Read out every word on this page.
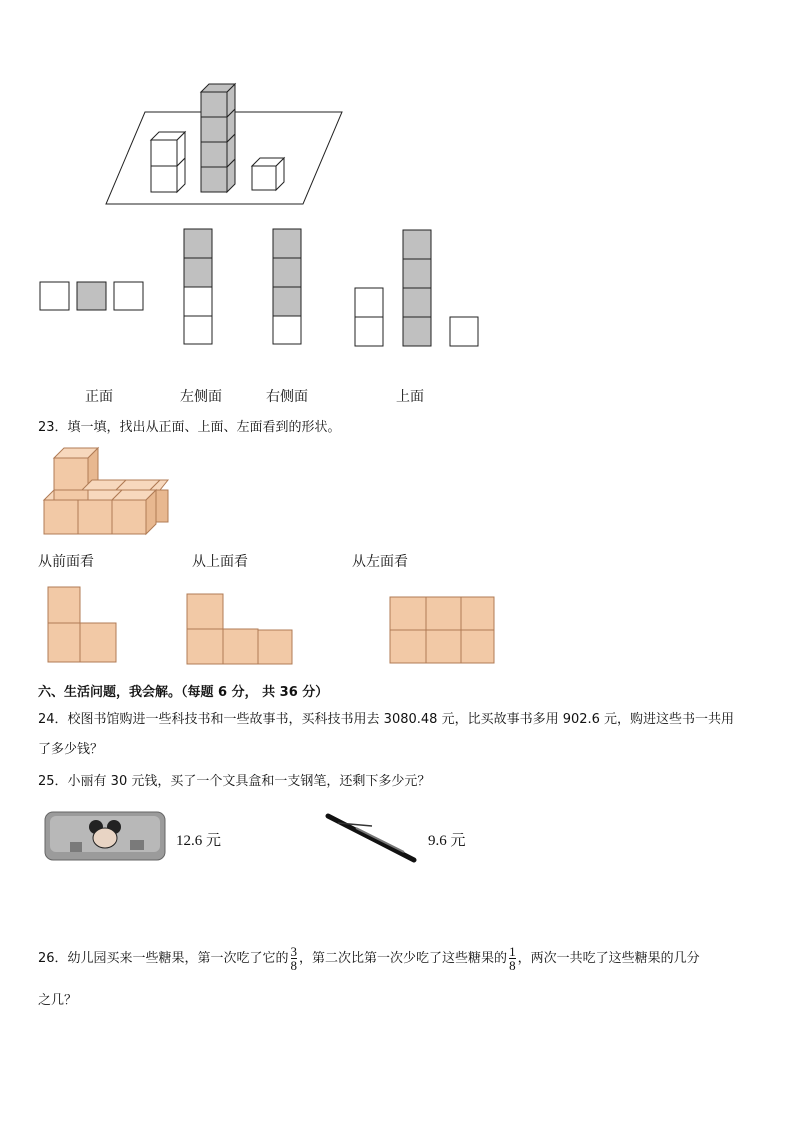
正面	左侧面	右侧面	上面
23．填一填，找出从正面、上面、左面看到的形状。
从前面看	从上面看	从左面看
六、生活问题，我会解。（每题 6 分， 共 36 分）
24．校图书馆购进一些科技书和一些故事书，买科技书用去 3080.48 元，比买故事书多用 902.6 元，购进这些书一共用
了多少钱？
25．小丽有 30 元钱，买了一个文具盒和一支钢笔，还剩下多少元？
12.6 元	9.6 元
26．幼儿园买来一些糖果，第一次吃了它的 $\frac{3}{8}$ ，第二次比第一次少吃了这些糖果的 $\frac{1}{8}$ ，两次一共吃了这些糖果的几分
之几？
